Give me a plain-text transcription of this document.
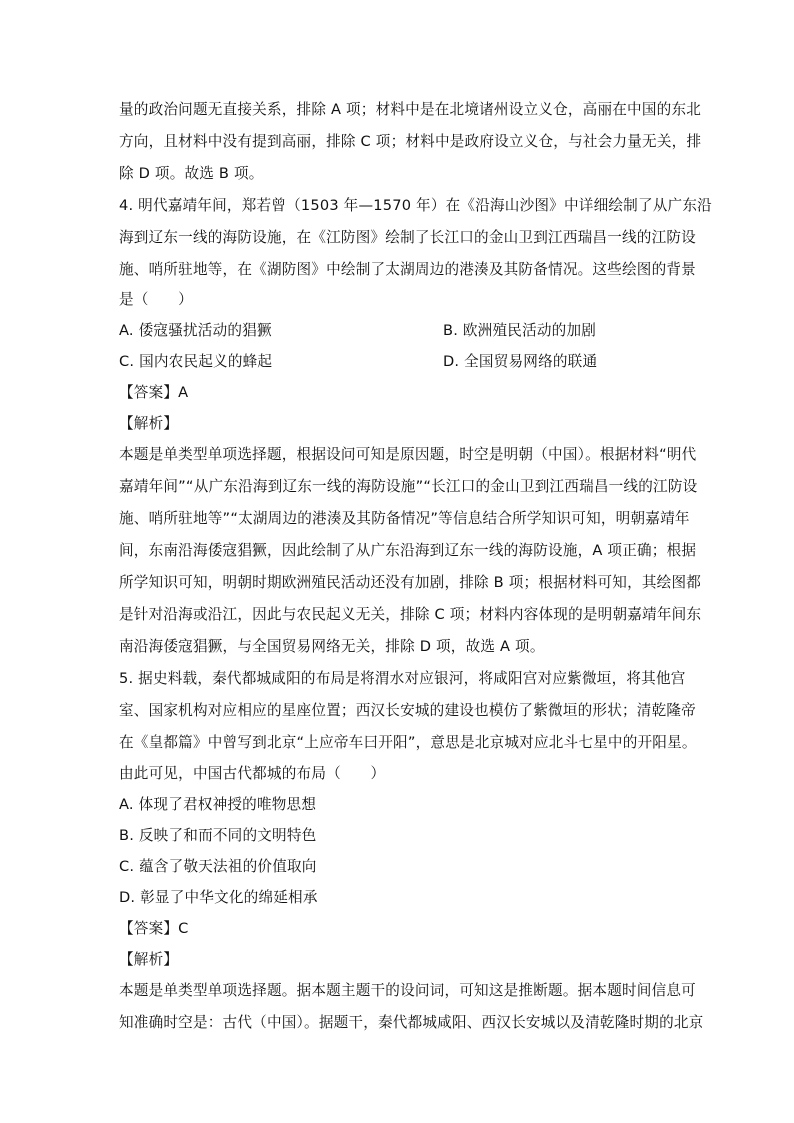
量的政治问题无直接关系，排除 A 项；材料中是在北境诸州设立义仓，高丽在中国的东北
方向，且材料中没有提到高丽，排除 C 项；材料中是政府设立义仓，与社会力量无关，排
除 D 项。故选 B 项。
4. 明代嘉靖年间，郑若曾（1503 年—1570 年）在《沿海山沙图》中详细绘制了从广东沿
海到辽东一线的海防设施，在《江防图》绘制了长江口的金山卫到江西瑞昌一线的江防设
施、哨所驻地等，在《湖防图》中绘制了太湖周边的港湊及其防备情况。这些绘图的背景
是（　　）
A. 倭寇骚扰活动的猖獗	B. 欧洲殖民活动的加剧
C. 国内农民起义的蜂起	D. 全国贸易网络的联通
【答案】A
【解析】
本题是单类型单项选择题，根据设问可知是原因题，时空是明朝（中国）。根据材料“明代
嘉靖年间”“从广东沿海到辽东一线的海防设施”“长江口的金山卫到江西瑞昌一线的江防设
施、哨所驻地等”“太湖周边的港湊及其防备情况”等信息结合所学知识可知，明朝嘉靖年
间，东南沿海倭寇猖獗，因此绘制了从广东沿海到辽东一线的海防设施，A 项正确；根据
所学知识可知，明朝时期欧洲殖民活动还没有加剧，排除 B 项；根据材料可知，其绘图都
是针对沿海或沿江，因此与农民起义无关，排除 C 项；材料内容体现的是明朝嘉靖年间东
南沿海倭寇猖獗，与全国贸易网络无关，排除 D 项，故选 A 项。
5. 据史料载，秦代都城咸阳的布局是将渭水对应银河，将咸阳宫对应紫微垣，将其他宫
室、国家机构对应相应的星座位置；西汉长安城的建设也模仿了紫微垣的形状；清乾隆帝
在《皇都篇》中曾写到北京“上应帝车曰开阳”，意思是北京城对应北斗七星中的开阳星。
由此可见，中国古代都城的布局（　　）
A. 体现了君权神授的唯物思想
B. 反映了和而不同的文明特色
C. 蕴含了敬天法祖的价值取向
D. 彰显了中华文化的绵延相承
【答案】C
【解析】
本题是单类型单项选择题。据本题主题干的设问词，可知这是推断题。据本题时间信息可
知准确时空是：古代（中国）。据题干，秦代都城咸阳、西汉长安城以及清乾隆时期的北京
